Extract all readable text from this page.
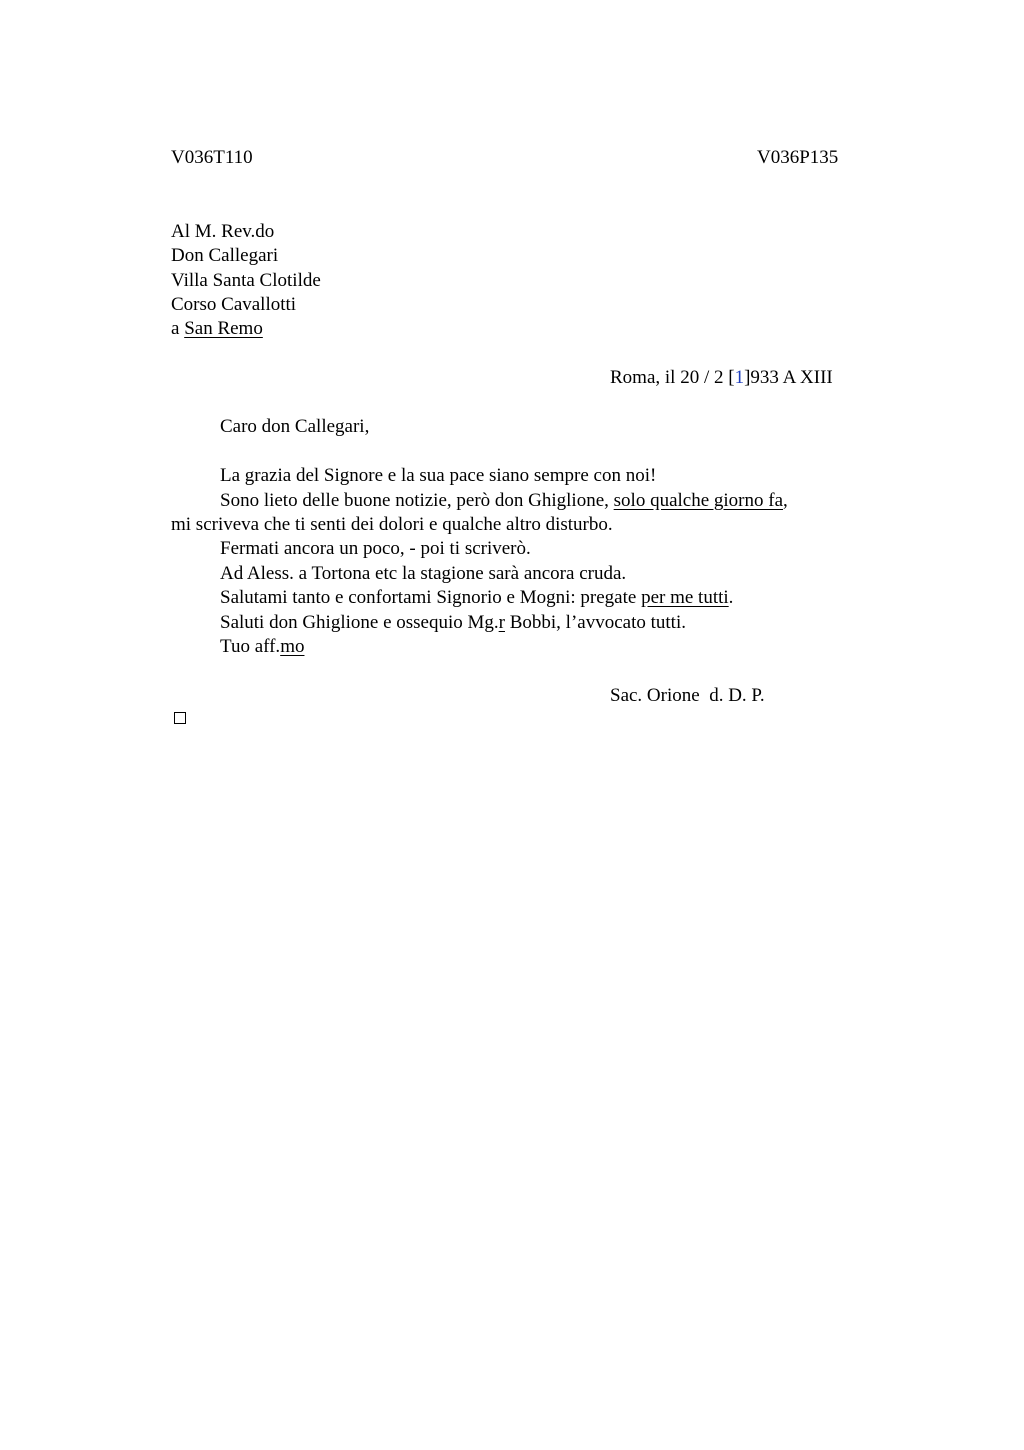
V036T110	V036P135
Al M. Rev.do
Don Callegari
Villa Santa Clotilde
Corso Cavallotti
a San Remo
Roma, il 20 / 2 [1]933 A XIII
Caro don Callegari,
La grazia del Signore e la sua pace siano sempre con noi!
Sono lieto delle buone notizie, però don Ghiglione, solo qualche giorno fa,
mi scriveva che ti senti dei dolori e qualche altro disturbo.
Fermati ancora un poco, - poi ti scriverò.
Ad Aless. a Tortona etc la stagione sarà ancora cruda.
Salutami tanto e confortami Signorio e Mogni: pregate per me tutti.
Saluti don Ghiglione e ossequio Mg.r Bobbi, l’avvocato tutti.
Tuo aff.mo
Sac. Orione  d. D. P.
